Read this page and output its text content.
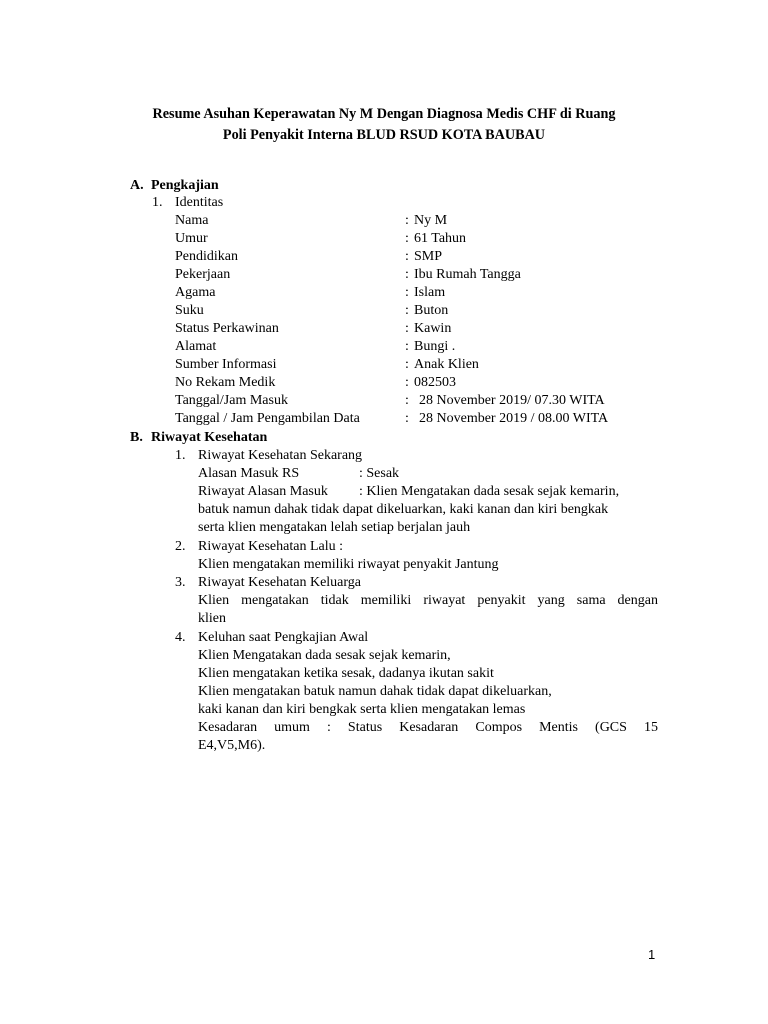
Resume Asuhan Keperawatan Ny M Dengan Diagnosa Medis CHF di Ruang
Poli Penyakit Interna BLUD RSUD KOTA BAUBAU
A. Pengkajian
1. Identitas
Nama	: Ny M
Umur	: 61 Tahun
Pendidikan	: SMP
Pekerjaan	: Ibu Rumah Tangga
Agama	: Islam
Suku	: Buton
Status Perkawinan	: Kawin
Alamat	: Bungi .
Sumber Informasi	: Anak Klien
No Rekam Medik	: 082503
Tanggal/Jam Masuk	: 28 November 2019/ 07.30 WITA
Tanggal / Jam Pengambilan Data	: 28 November 2019 / 08.00 WITA
B. Riwayat Kesehatan
1. Riwayat Kesehatan Sekarang
Alasan Masuk RS	: Sesak
Riwayat Alasan Masuk : Klien Mengatakan dada sesak sejak kemarin,
batuk namun dahak tidak dapat dikeluarkan, kaki kanan dan kiri bengkak
serta klien mengatakan lelah setiap berjalan jauh
2. Riwayat Kesehatan Lalu :
Klien mengatakan memiliki riwayat penyakit Jantung
3. Riwayat Kesehatan Keluarga
Klien mengatakan tidak memiliki riwayat penyakit yang sama dengan
klien
4. Keluhan saat Pengkajian Awal
Klien Mengatakan dada sesak sejak kemarin,
Klien mengatakan ketika sesak, dadanya ikutan sakit
Klien mengatakan batuk namun dahak tidak dapat dikeluarkan,
kaki kanan dan kiri bengkak serta klien mengatakan lemas
Kesadaran umum : Status Kesadaran Compos Mentis (GCS 15
E4,V5,M6).
1
